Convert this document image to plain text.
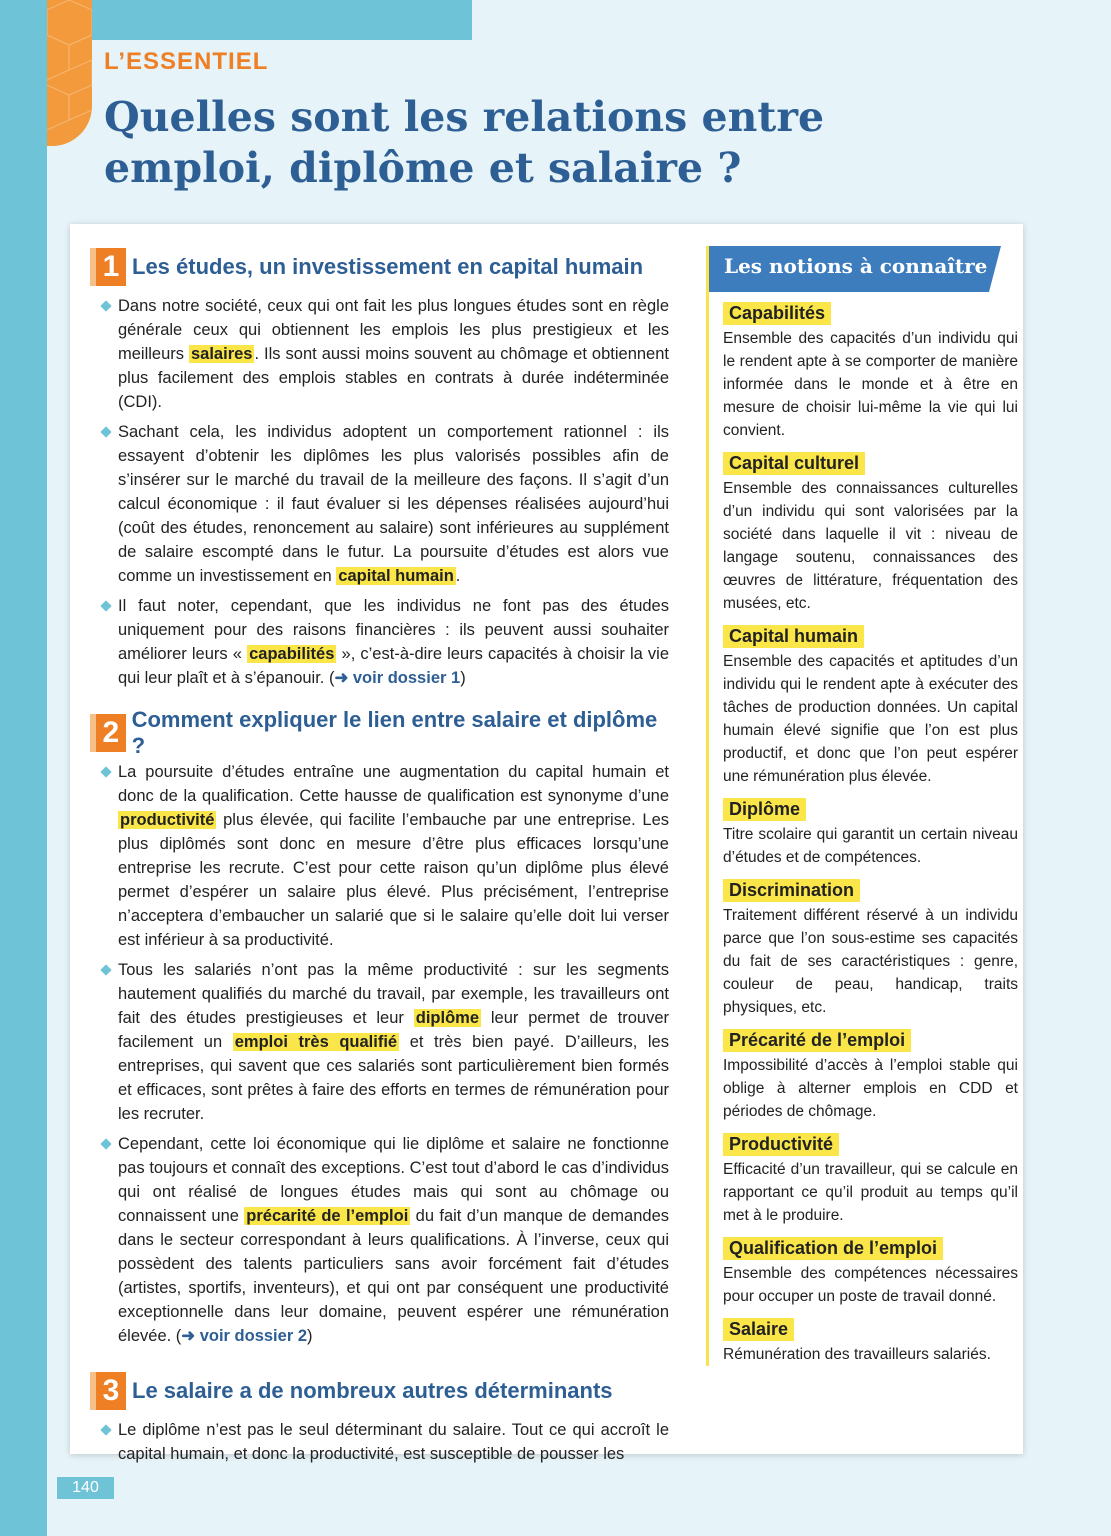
L’ESSENTIEL
Quelles sont les relations entre emploi, diplôme et salaire ?
1 Les études, un investissement en capital humain

Dans notre société, ceux qui ont fait les plus longues études sont en règle générale ceux qui obtiennent les emplois les plus prestigieux et les meilleurs salaires . Ils sont aussi moins souvent au chômage et obtiennent plus facilement des emplois stables en contrats à durée indéterminée (CDI).

Sachant cela, les individus adoptent un comportement rationnel : ils essayent d’obtenir les diplômes les plus valorisés possibles afin de s’insérer sur le marché du travail de la meilleure des façons. Il s’agit d’un calcul économique : il faut évaluer si les dépenses réalisées aujourd’hui (coût des études, renoncement au salaire) sont inférieures au supplément de salaire escompté dans le futur. La poursuite d’études est alors vue comme un investissement en capital humain .

Il faut noter, cependant, que les individus ne font pas des études uniquement pour des raisons financières : ils peuvent aussi souhaiter améliorer leurs « capabilités », c’est-à-dire leurs capacités à choisir la vie qui leur plaît et à s’épanouir. (➜ voir dossier 1)

2 Comment expliquer le lien entre salaire et diplôme ?

La poursuite d’études entraîne une augmentation du capital humain et donc de la qualification. Cette hausse de qualification est synonyme d’une productivité plus élevée, qui facilite l’embauche par une entreprise. Les plus diplômés sont donc en mesure d’être plus efficaces lorsqu’une entreprise les recrute. C’est pour cette raison qu’un diplôme plus élevé permet d’espérer un salaire plus élevé. Plus précisément, l’entreprise n’acceptera d’embaucher un salarié que si le salaire qu’elle doit lui verser est inférieur à sa productivité.

Tous les salariés n’ont pas la même productivité : sur les segments hautement qualifiés du marché du travail, par exemple, les travailleurs ont fait des études prestigieuses et leur diplôme leur permet de trouver facilement un emploi très qualifié et très bien payé. D’ailleurs, les entreprises, qui savent que ces salariés sont particulièrement bien formés et efficaces, sont prêtes à faire des efforts en termes de rémunération pour les recruter.

Cependant, cette loi économique qui lie diplôme et salaire ne fonctionne pas toujours et connaît des exceptions. C’est tout d’abord le cas d’individus qui ont réalisé de longues études mais qui sont au chômage ou connaissent une précarité de l’emploi du fait d’un manque de demandes dans le secteur correspondant à leurs qualifications. À l’inverse, ceux qui possèdent des talents particuliers sans avoir forcément fait d’études (artistes, sportifs, inventeurs), et qui ont par conséquent une productivité exceptionnelle dans leur domaine, peuvent espérer une rémunération élevée. (➜ voir dossier 2)

3 Le salaire a de nombreux autres déterminants

Le diplôme n’est pas le seul déterminant du salaire. Tout ce qui accroît le capital humain, et donc la productivité, est susceptible de pousser les

Les notions à connaître
Capabilités

Ensemble des capacités d’un individu qui le rendent apte à se comporter de manière informée dans le monde et à être en mesure de choisir lui-même la vie qui lui convient.

Capital culturel

Ensemble des connaissances culturelles d’un individu qui sont valorisées par la société dans laquelle il vit : niveau de langage soutenu, connaissances des œuvres de littérature, fréquentation des musées, etc.

Capital humain

Ensemble des capacités et aptitudes d’un individu qui le rendent apte à exécuter des tâches de production données. Un capital humain élevé signifie que l’on est plus productif, et donc que l’on peut espérer une rémunération plus élevée.

Diplôme

Titre scolaire qui garantit un certain niveau d’études et de compétences.

Discrimination

Traitement différent réservé à un individu parce que l’on sous-estime ses capacités du fait de ses caractéristiques : genre, couleur de peau, handicap, traits physiques, etc.

Précarité de l’emploi

Impossibilité d’accès à l’emploi stable qui oblige à alterner emplois en CDD et périodes de chômage.

Productivité

Efficacité d’un travailleur, qui se calcule en rapportant ce qu’il produit au temps qu’il met à le produire.

Qualification de l’emploi

Ensemble des compétences nécessaires pour occuper un poste de travail donné.

Salaire

Rémunération des travailleurs salariés.

140
